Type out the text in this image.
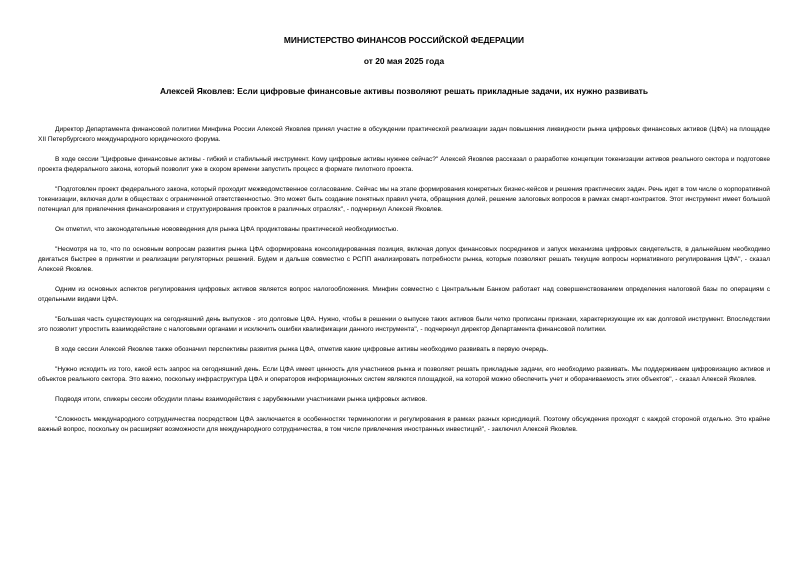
МИНИСТЕРСТВО ФИНАНСОВ РОССИЙСКОЙ ФЕДЕРАЦИИ
от 20 мая 2025 года
Алексей Яковлев: Если цифровые финансовые активы позволяют решать прикладные задачи, их нужно развивать

Директор Департамента финансовой политики Минфина России Алексей Яковлев принял участие в обсуждении практической реализации задач повышения ликвидности рынка цифровых финансовых активов (ЦФА) на площадке XII Петербургского международного юридического форума.

В ходе сессии "Цифровые финансовые активы - гибкий и стабильный инструмент. Кому цифровые активы нужнее сейчас?" Алексей Яковлев рассказал о разработке концепции токенизации активов реального сектора и подготовке проекта федерального закона, который позволит уже в скором времени запустить процесс в формате пилотного проекта.

"Подготовлен проект федерального закона, который проходит межведомственное согласование. Сейчас мы на этапе формирования конкретных бизнес-кейсов и решения практических задач. Речь идет в том числе о корпоративной токенизации, включая доли в обществах с ограниченной ответственностью. Это может быть создание понятных правил учета, обращения долей, решение залоговых вопросов в рамках смарт-контрактов. Этот инструмент имеет большой потенциал для привлечения финансирования и структурирования проектов в различных отраслях", - подчеркнул Алексей Яковлев.

Он отметил, что законодательные нововведения для рынка ЦФА продиктованы практической необходимостью.

"Несмотря на то, что по основным вопросам развития рынка ЦФА сформирована консолидированная позиция, включая допуск финансовых посредников и запуск механизма цифровых свидетельств, в дальнейшем необходимо двигаться быстрее в принятии и реализации регуляторных решений. Будем и дальше совместно с РСПП анализировать потребности рынка, которые позволяют решать текущие вопросы нормативного регулирования ЦФА", - сказал Алексей Яковлев.

Одним из основных аспектов регулирования цифровых активов является вопрос налогообложения. Минфин совместно с Центральным Банком работает над совершенствованием определения налоговой базы по операциям с отдельными видами ЦФА.

"Большая часть существующих на сегодняшний день выпусков - это долговые ЦФА. Нужно, чтобы в решении о выпуске таких активов были четко прописаны признаки, характеризующие их как долговой инструмент. Впоследствии это позволит упростить взаимодействие с налоговыми органами и исключить ошибки квалификации данного инструмента", - подчеркнул директор Департамента финансовой политики.

В ходе сессии Алексей Яковлев также обозначил перспективы развития рынка ЦФА, отметив какие цифровые активы необходимо развивать в первую очередь.

"Нужно исходить из того, какой есть запрос на сегодняшний день. Если ЦФА имеет ценность для участников рынка и позволяет решать прикладные задачи, его необходимо развивать. Мы поддерживаем цифровизацию активов и объектов реального сектора. Это важно, поскольку инфраструктура ЦФА и операторов информационных систем являются площадкой, на которой можно обеспечить учет и оборачиваемость этих объектов", - сказал Алексей Яковлев.

Подводя итоги, спикеры сессии обсудили планы взаимодействия с зарубежными участниками рынка цифровых активов.

"Сложность международного сотрудничества посредством ЦФА заключается в особенностях терминологии и регулирования в рамках разных юрисдикций. Поэтому обсуждения проходят с каждой стороной отдельно. Это крайне важный вопрос, поскольку он расширяет возможности для международного сотрудничества, в том числе привлечения иностранных инвестиций", - заключил Алексей Яковлев.
